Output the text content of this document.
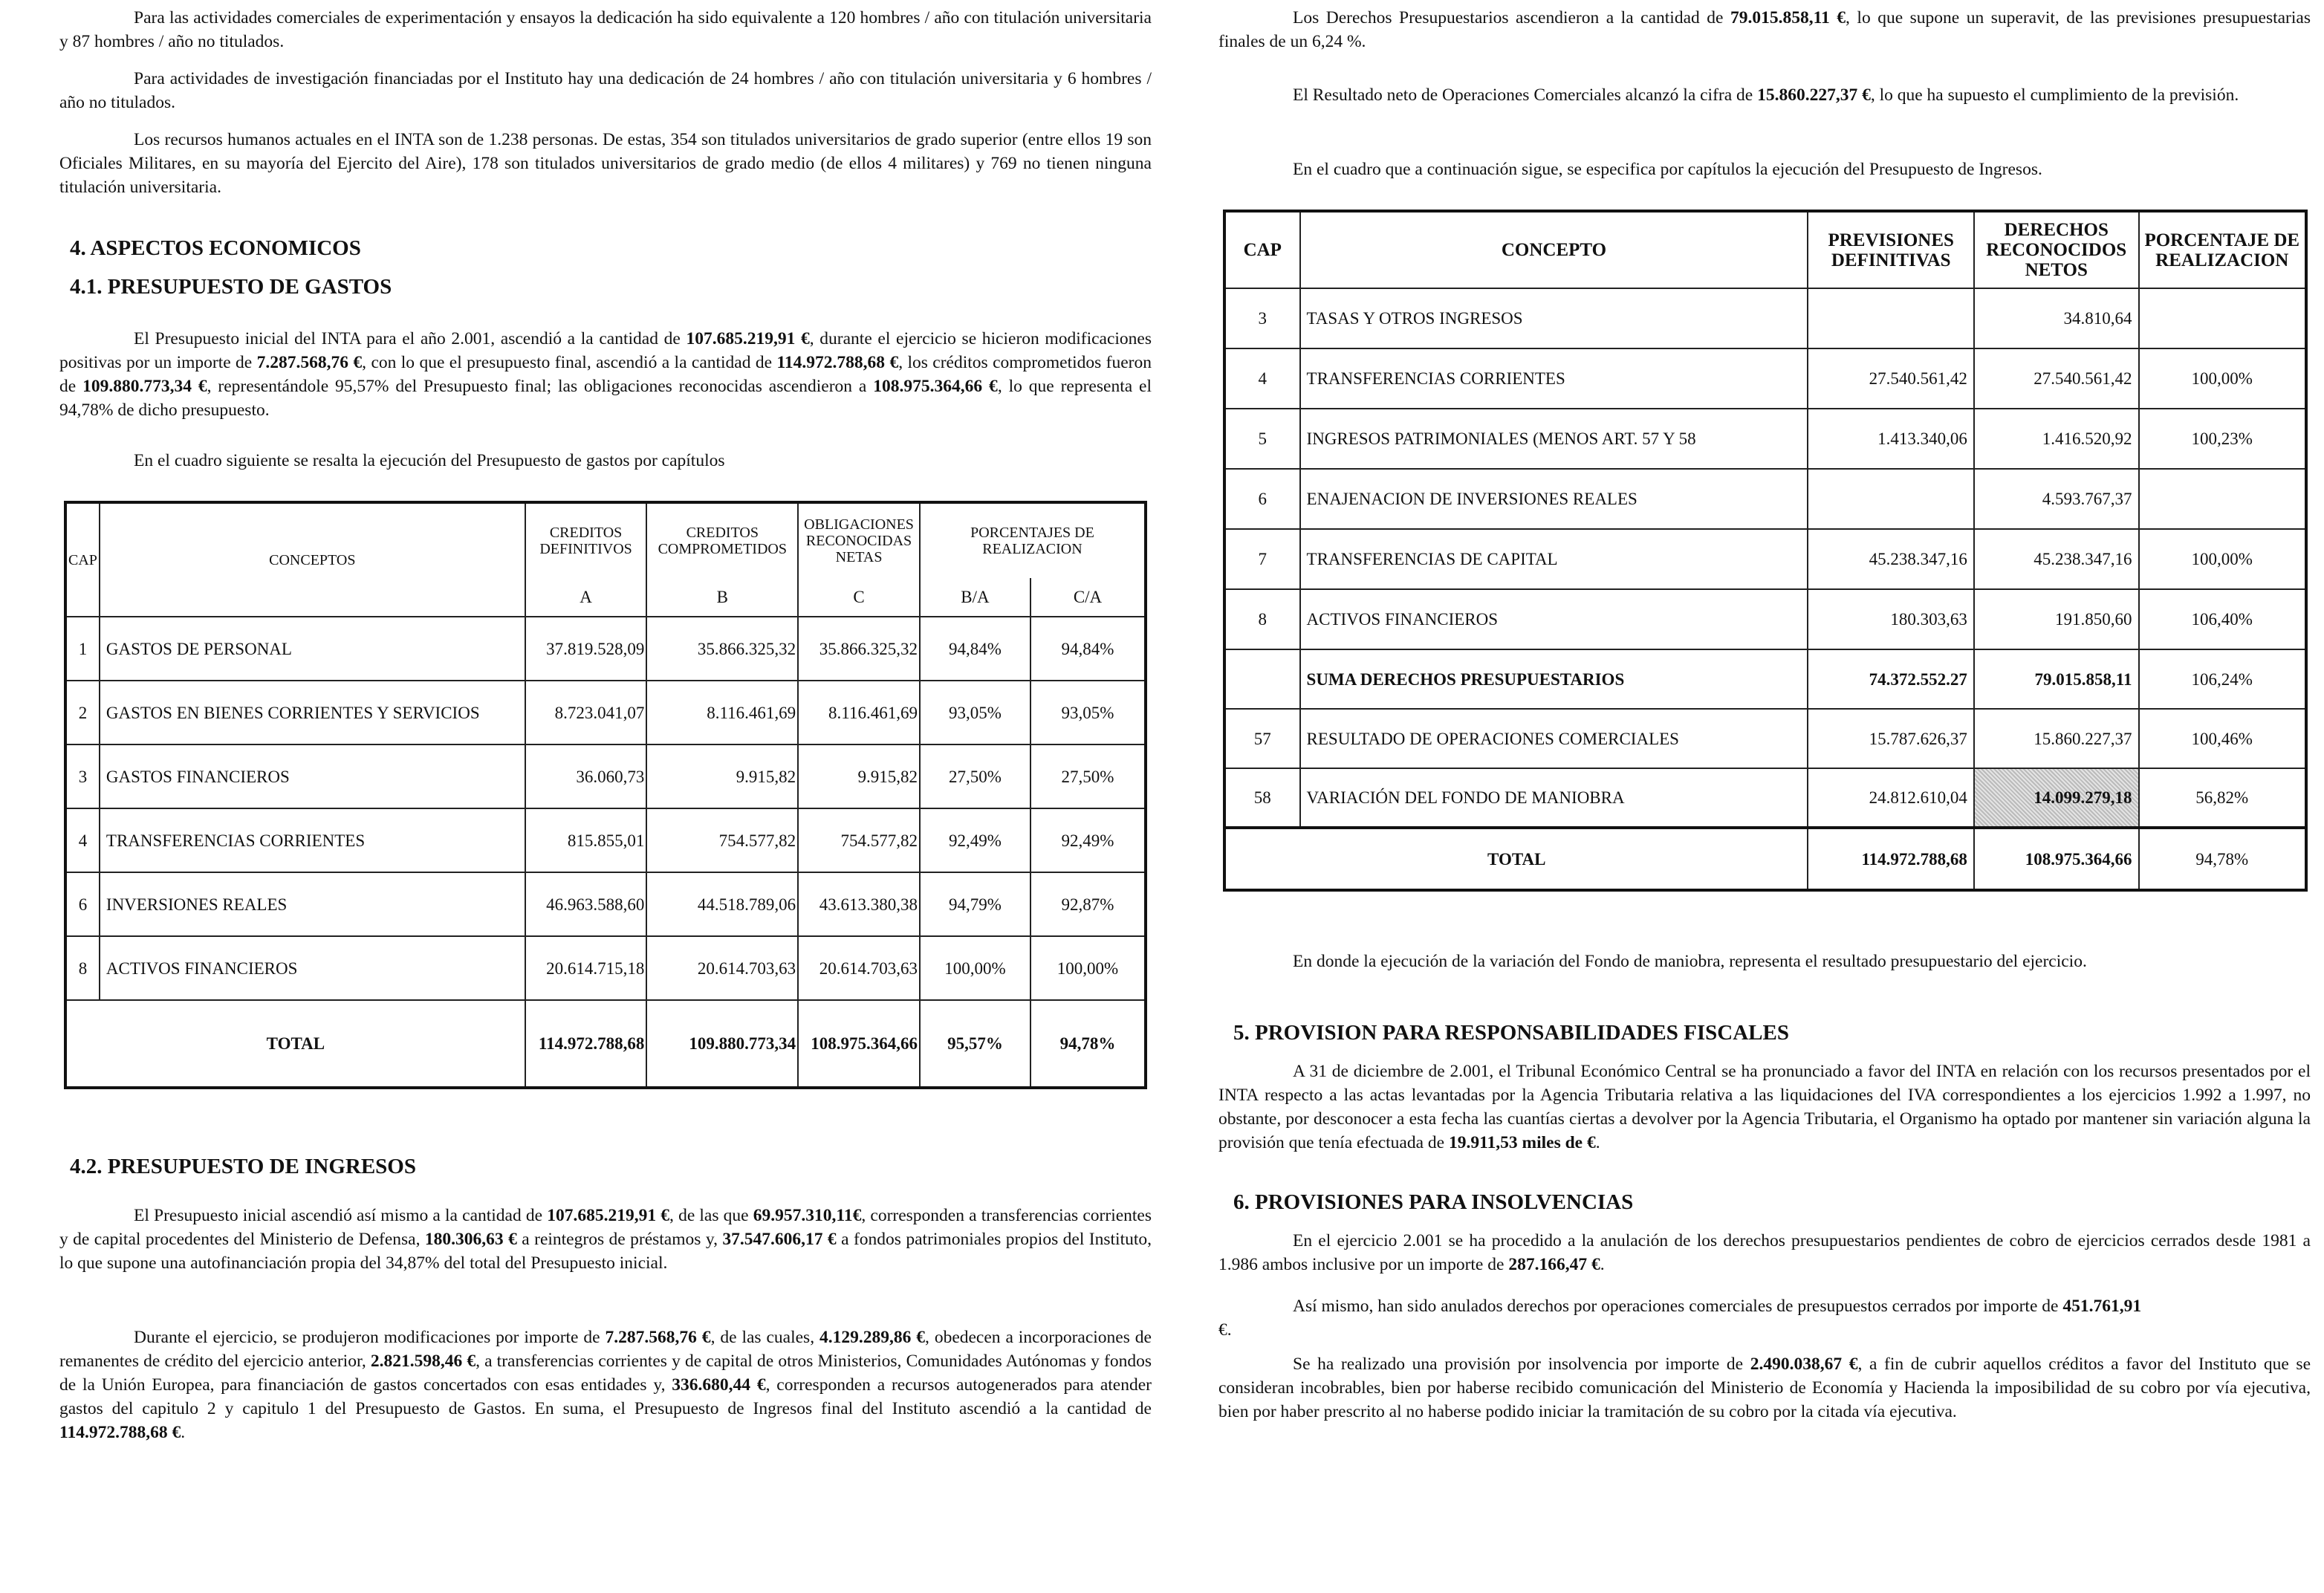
Para las actividades comerciales de experimentación y ensayos la dedicación ha sido equivalente a 120 hombres / año con titulación universitaria y 87 hombres / año no titulados.

Para actividades de investigación financiadas por el Instituto hay una dedicación de 24 hombres / año con titulación universitaria y 6 hombres / año no titulados.

Los recursos humanos actuales en el INTA son de 1.238 personas. De estas, 354 son titulados universitarios de grado superior (entre ellos 19 son Oficiales Militares, en su mayoría del Ejercito del Aire), 178 son titulados universitarios de grado medio (de ellos 4 militares) y 769 no tienen ninguna titulación universitaria.

4. ASPECTOS ECONOMICOS
4.1. PRESUPUESTO DE GASTOS

El Presupuesto inicial del INTA para el año 2.001, ascendió a la cantidad de 107.685.219,91 €, durante el ejercicio se hicieron modificaciones positivas por un importe de 7.287.568,76 €, con lo que el presupuesto final, ascendió a la cantidad de 114.972.788,68 €, los créditos comprometidos fueron de 109.880.773,34 €, representándole 95,57% del Presupuesto final; las obligaciones reconocidas ascendieron a 108.975.364,66 €, lo que representa el 94,78% de dicho presupuesto.

En el cuadro siguiente se resalta la ejecución del Presupuesto de gastos por capítulos

4.2. PRESUPUESTO DE INGRESOS

El Presupuesto inicial ascendió así mismo a la cantidad de 107.685.219,91 €, de las que 69.957.310,11€, corresponden a transferencias corrientes y de capital procedentes del Ministerio de Defensa, 180.306,63 € a reintegros de préstamos y, 37.547.606,17 € a fondos patrimoniales propios del Instituto, lo que supone una autofinanciación propia del 34,87% del total del Presupuesto inicial.

Durante el ejercicio, se produjeron modificaciones por importe de 7.287.568,76 €, de las cuales, 4.129.289,86 €, obedecen a incorporaciones de remanentes de crédito del ejercicio anterior, 2.821.598,46 €, a transferencias corrientes y de capital de otros Ministerios, Comunidades Autónomas y fondos de la Unión Europea, para financiación de gastos concertados con esas entidades y, 336.680,44 €, corresponden a recursos autogenerados para atender gastos del capitulo 2 y capitulo 1 del Presupuesto de Gastos. En suma, el Presupuesto de Ingresos final del Instituto ascendió a la cantidad de 114.972.788,68 €.

CAP	CONCEPTOS	CREDITOS DEFINITIVOS	CREDITOS COMPROMETIDOS	OBLIGACIONES RECONOCIDAS NETAS	PORCENTAJES DE REALIZACION	
		A	B	C	B/A	C/A
1	GASTOS DE PERSONAL	37.819.528,09	35.866.325,32	35.866.325,32	94,84%	94,84%
2	GASTOS EN BIENES CORRIENTES Y SERVICIOS	8.723.041,07	8.116.461,69	8.116.461,69	93,05%	93,05%
3	GASTOS FINANCIEROS	36.060,73	9.915,82	9.915,82	27,50%	27,50%
4	TRANSFERENCIAS CORRIENTES	815.855,01	754.577,82	754.577,82	92,49%	92,49%
6	INVERSIONES REALES	46.963.588,60	44.518.789,06	43.613.380,38	94,79%	92,87%
8	ACTIVOS FINANCIEROS	20.614.715,18	20.614.703,63	20.614.703,63	100,00%	100,00%
TOTAL		114.972.788,68	109.880.773,34	108.975.364,66	95,57%	94,78%

Los Derechos Presupuestarios ascendieron a la cantidad de 79.015.858,11 €, lo que supone un superavit, de las previsiones presupuestarias finales de un 6,24 %.

El Resultado neto de Operaciones Comerciales alcanzó la cifra de 15.860.227,37 €, lo que ha supuesto el cumplimiento de la previsión.

En el cuadro que a continuación sigue, se especifica por capítulos la ejecución del Presupuesto de Ingresos.

En donde la ejecución de la variación del Fondo de maniobra, representa el resultado presupuestario del ejercicio.

5. PROVISION PARA RESPONSABILIDADES FISCALES

A 31 de diciembre de 2.001, el Tribunal Económico Central se ha pronunciado a favor del INTA en relación con los recursos presentados por el INTA respecto a las actas levantadas por la Agencia Tributaria relativa a las liquidaciones del IVA correspondientes a los ejercicios 1.992 a 1.997, no obstante, por desconocer a esta fecha las cuantías ciertas a devolver por la Agencia Tributaria, el Organismo ha optado por mantener sin variación alguna la provisión que tenía efectuada de 19.911,53 miles de €.

6. PROVISIONES PARA INSOLVENCIAS

En el ejercicio 2.001 se ha procedido a la anulación de los derechos presupuestarios pendientes de cobro de ejercicios cerrados desde 1981 a 1.986 ambos inclusive por un importe de 287.166,47 €.

Así mismo, han sido anulados derechos por operaciones comerciales de presupuestos cerrados por importe de 451.761,91
€.

Se ha realizado una provisión por insolvencia por importe de 2.490.038,67 €, a fin de cubrir aquellos créditos a favor del Instituto que se consideran incobrables, bien por haberse recibido comunicación del Ministerio de Economía y Hacienda la imposibilidad de su cobro por vía ejecutiva, bien por haber prescrito al no haberse podido iniciar la tramitación de su cobro por la citada vía ejecutiva.

CAP	CONCEPTO	PREVISIONES DEFINITIVAS	DERECHOS RECONOCIDOS NETOS	PORCENTAJE DE REALIZACION
3	TASAS Y OTROS INGRESOS		34.810,64	
4	TRANSFERENCIAS CORRIENTES	27.540.561,42	27.540.561,42	100,00%
5	INGRESOS PATRIMONIALES (MENOS ART. 57 Y 58	1.413.340,06	1.416.520,92	100,23%
6	ENAJENACION DE INVERSIONES REALES		4.593.767,37	
7	TRANSFERENCIAS DE CAPITAL	45.238.347,16	45.238.347,16	100,00%
8	ACTIVOS FINANCIEROS	180.303,63	191.850,60	106,40%
	SUMA DERECHOS PRESUPUESTARIOS	74.372.552.27	79.015.858,11	106,24%
57	RESULTADO DE OPERACIONES COMERCIALES	15.787.626,37	15.860.227,37	100,46%
58	VARIACIÓN DEL FONDO DE MANIOBRA	24.812.610,04	14.099.279,18	56,82%
TOTAL		114.972.788,68	108.975.364,66	94,78%
